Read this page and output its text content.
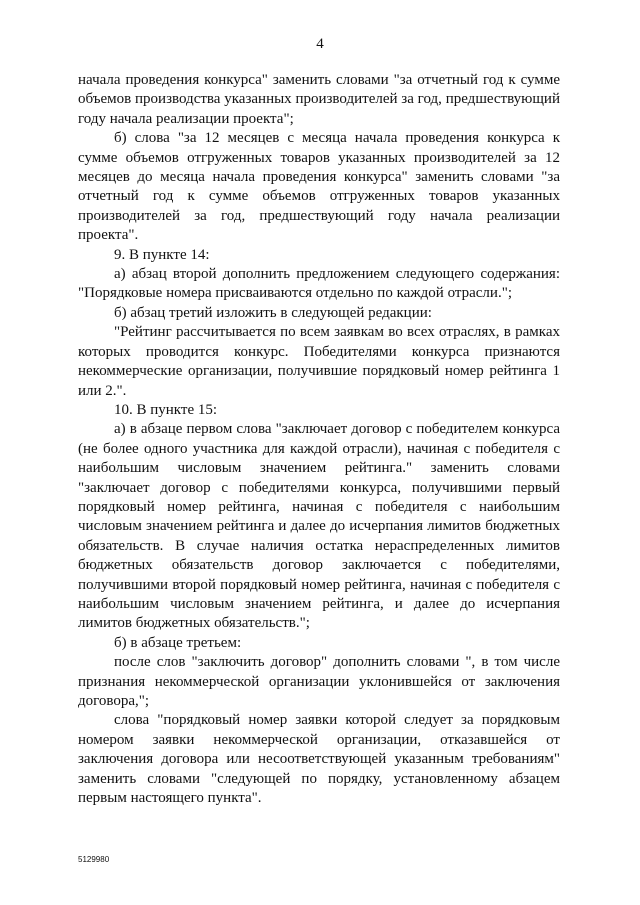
4

начала проведения конкурса" заменить словами "за отчетный год к сумме объемов производства указанных производителей за год, предшествующий году начала реализации проекта";

б) слова "за 12 месяцев с месяца начала проведения конкурса к сумме объемов отгруженных товаров указанных производителей за 12 месяцев до месяца начала проведения конкурса" заменить словами "за отчетный год к сумме объемов отгруженных товаров указанных производителей за год, предшествующий году начала реализации проекта".

9. В пункте 14:

а) абзац второй дополнить предложением следующего содержания: "Порядковые номера присваиваются отдельно по каждой отрасли.";

б) абзац третий изложить в следующей редакции:

"Рейтинг рассчитывается по всем заявкам во всех отраслях, в рамках которых проводится конкурс. Победителями конкурса признаются некоммерческие организации, получившие порядковый номер рейтинга 1 или 2.".

10. В пункте 15:

а) в абзаце первом слова "заключает договор с победителем конкурса (не более одного участника для каждой отрасли), начиная с победителя с наибольшим числовым значением рейтинга." заменить словами "заключает договор с победителями конкурса, получившими первый порядковый номер рейтинга, начиная с победителя с наибольшим числовым значением рейтинга и далее до исчерпания лимитов бюджетных обязательств. В случае наличия остатка нераспределенных лимитов бюджетных обязательств договор заключается с победителями, получившими второй порядковый номер рейтинга, начиная с победителя с наибольшим числовым значением рейтинга, и далее до исчерпания лимитов бюджетных обязательств.";

б) в абзаце третьем:

после слов "заключить договор" дополнить словами ", в том числе признания некоммерческой организации уклонившейся от заключения договора,";

слова "порядковый номер заявки которой следует за порядковым номером заявки некоммерческой организации, отказавшейся от заключения договора или несоответствующей указанным требованиям" заменить словами "следующей по порядку, установленному абзацем первым настоящего пункта".

5129980
